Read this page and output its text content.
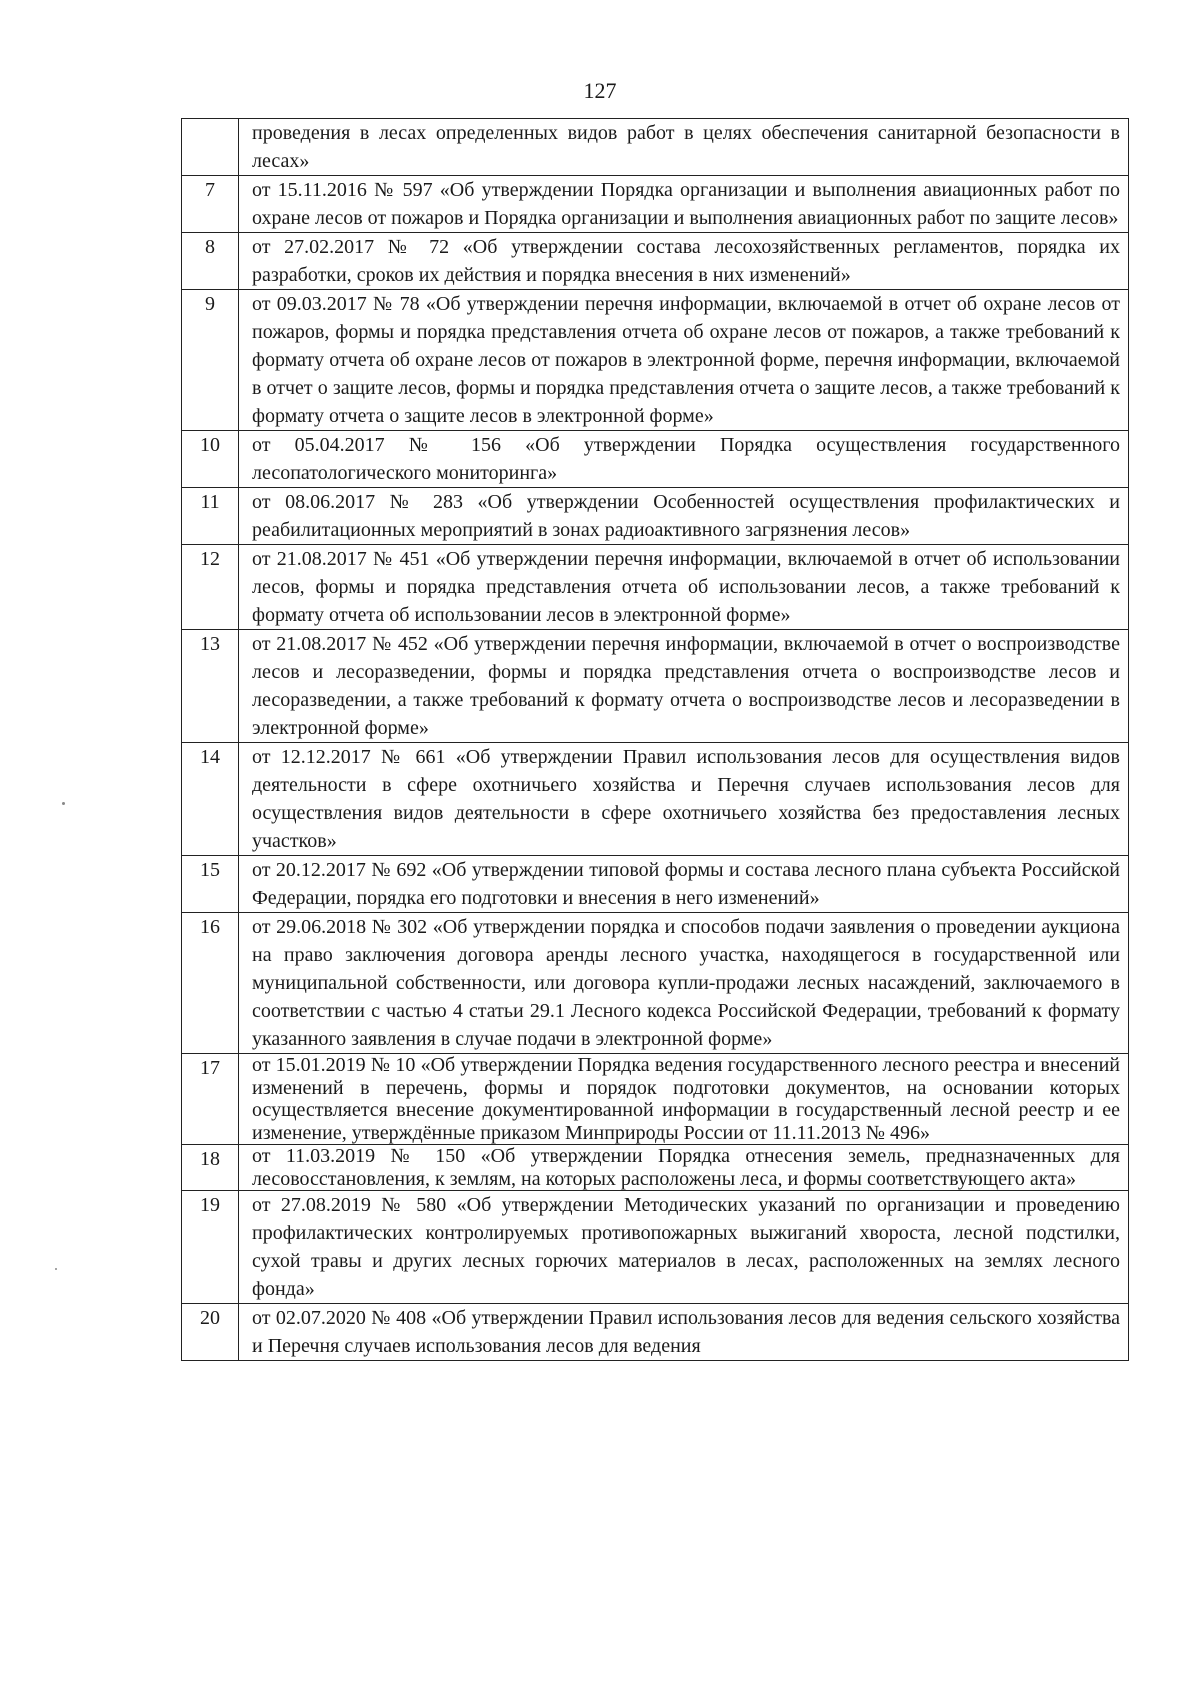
127
	проведения в лесах определенных видов работ в целях обеспечения санитарной безопасности в лесах»
7	от 15.11.2016 № 597 «Об утверждении Порядка организации и выполнения авиационных работ по охране лесов от пожаров и Порядка организации и выполнения авиационных работ по защите лесов»
8	от 27.02.2017 № 72 «Об утверждении состава лесохозяйственных регламентов, порядка их разработки, сроков их действия и порядка внесения в них изменений»
9	от 09.03.2017 № 78 «Об утверждении перечня информации, включаемой в отчет об охране лесов от пожаров, формы и порядка представления отчета об охране лесов от пожаров, а также требований к формату отчета об охране лесов от пожаров в электронной форме, перечня информации, включаемой в отчет о защите лесов, формы и порядка представления отчета о защите лесов, а также требований к формату отчета о защите лесов в электронной форме»
10	от 05.04.2017 № 156 «Об утверждении Порядка осуществления государственного лесопатологического мониторинга»
11	от 08.06.2017 № 283 «Об утверждении Особенностей осуществления профилактических и реабилитационных мероприятий в зонах радиоактивного загрязнения лесов»
12	от 21.08.2017 № 451 «Об утверждении перечня информации, включаемой в отчет об использовании лесов, формы и порядка представления отчета об использовании лесов, а также требований к формату отчета об использовании лесов в электронной форме»
13	от 21.08.2017 № 452 «Об утверждении перечня информации, включаемой в отчет о воспроизводстве лесов и лесоразведении, формы и порядка представления отчета о воспроизводстве лесов и лесоразведении, а также требований к формату отчета о воспроизводстве лесов и лесоразведении в электронной форме»
14	от 12.12.2017 № 661 «Об утверждении Правил использования лесов для осуществления видов деятельности в сфере охотничьего хозяйства и Перечня случаев использования лесов для осуществления видов деятельности в сфере охотничьего хозяйства без предоставления лесных участков»
15	от 20.12.2017 № 692 «Об утверждении типовой формы и состава лесного плана субъекта Российской Федерации, порядка его подготовки и внесения в него изменений»
16	от 29.06.2018 № 302 «Об утверждении порядка и способов подачи заявления о проведении аукциона на право заключения договора аренды лесного участка, находящегося в государственной или муниципальной собственности, или договора купли-продажи лесных насаждений, заключаемого в соответствии с частью 4 статьи 29.1 Лесного кодекса Российской Федерации, требований к формату указанного заявления в случае подачи в электронной форме»
17	от 15.01.2019 № 10 «Об утверждении Порядка ведения государственного лесного реестра и внесений изменений в перечень, формы и порядок подготовки документов, на основании которых осуществляется внесение документированной информации в государственный лесной реестр и ее изменение, утверждённые приказом Минприроды России от 11.11.2013 № 496»
18	от 11.03.2019 № 150 «Об утверждении Порядка отнесения земель, предназначенных для лесовосстановления, к землям, на которых расположены леса, и формы соответствующего акта»
19	от 27.08.2019 № 580 «Об утверждении Методических указаний по организации и проведению профилактических контролируемых противопожарных выжиганий хвороста, лесной подстилки, сухой травы и других лесных горючих материалов в лесах, расположенных на землях лесного фонда»
20	от 02.07.2020 № 408 «Об утверждении Правил использования лесов для ведения сельского хозяйства и Перечня случаев использования лесов для ведения
